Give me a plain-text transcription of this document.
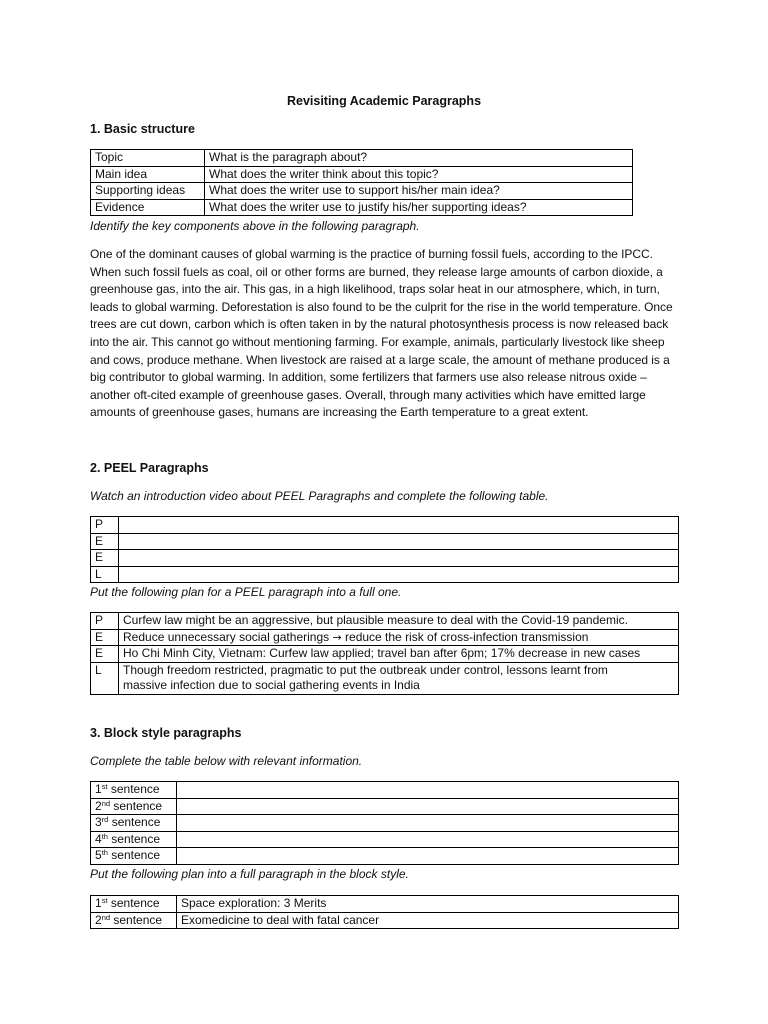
Revisiting Academic Paragraphs
1. Basic structure
Topic	What is the paragraph about?
Main idea	What does the writer think about this topic?
Supporting ideas	What does the writer use to support his/her main idea?
Evidence	What does the writer use to justify his/her supporting ideas?
Identify the key components above in the following paragraph.
One of the dominant causes of global warming is the practice of burning fossil fuels, according to the IPCC. When such fossil fuels as coal, oil or other forms are burned, they release large amounts of carbon dioxide, a greenhouse gas, into the air. This gas, in a high likelihood, traps solar heat in our atmosphere, which, in turn, leads to global warming. Deforestation is also found to be the culprit for the rise in the world temperature. Once trees are cut down, carbon which is often taken in by the natural photosynthesis process is now released back into the air. This cannot go without mentioning farming. For example, animals, particularly livestock like sheep and cows, produce methane. When livestock are raised at a large scale, the amount of methane produced is a big contributor to global warming. In addition, some fertilizers that farmers use also release nitrous oxide – another oft-cited example of greenhouse gases. Overall, through many activities which have emitted large amounts of greenhouse gases, humans are increasing the Earth temperature to a great extent.
2. PEEL Paragraphs
Watch an introduction video about PEEL Paragraphs and complete the following table.
P	
E	
E	
L	
Put the following plan for a PEEL paragraph into a full one.
P	Curfew law might be an aggressive, but plausible measure to deal with the Covid-19 pandemic.
E	Reduce unnecessary social gatherings → reduce the risk of cross-infection transmission
E	Ho Chi Minh City, Vietnam: Curfew law applied; travel ban after 6pm; 17% decrease in new cases
L	Though freedom restricted, pragmatic to put the outbreak under control, lessons learnt from massive infection due to social gathering events in India
3. Block style paragraphs
Complete the table below with relevant information.
1st sentence	
2nd sentence	
3rd sentence	
4th sentence	
5th sentence	
Put the following plan into a full paragraph in the block style.
1st sentence	Space exploration: 3 Merits
2nd sentence	Exomedicine to deal with fatal cancer
